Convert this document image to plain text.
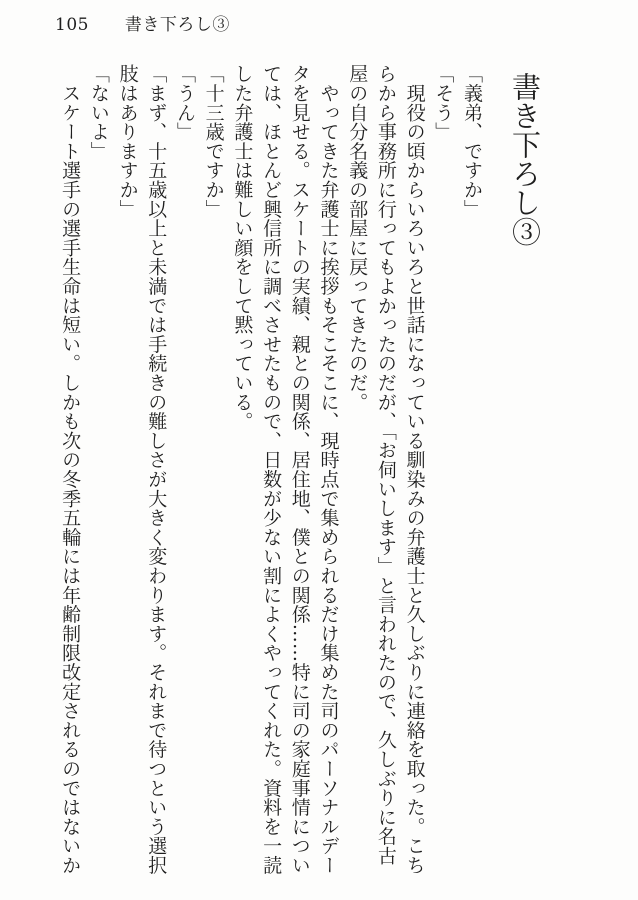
105 書き下ろし③
書き下ろし③

「義弟、ですか」

「そう」

　現役の頃からいろいろと世話になっている馴染みの弁護士と久しぶりに連絡を取った。こち

らから事務所に行ってもよかったのだが、「お伺いします」と言われたので、久しぶりに名古

屋の自分名義の部屋に戻ってきたのだ。

　やってきた弁護士に挨拶もそこそこに、現時点で集められるだけ集めた司のパーソナルデー

タを見せる。スケートの実績、親との関係、居住地、僕との関係……特に司の家庭事情につい

ては、ほとんど興信所に調べさせたもので、日数が少ない割によくやってくれた。資料を一読

した弁護士は難しい顔をして黙っている。

「十三歳ですか」

「うん」

「まず、十五歳以上と未満では手続きの難しさが大きく変わります。それまで待つという選択

肢はありますか」

「ないよ」

　スケート選手の選手生命は短い。しかも次の冬季五輪には年齢制限改定されるのではないか
